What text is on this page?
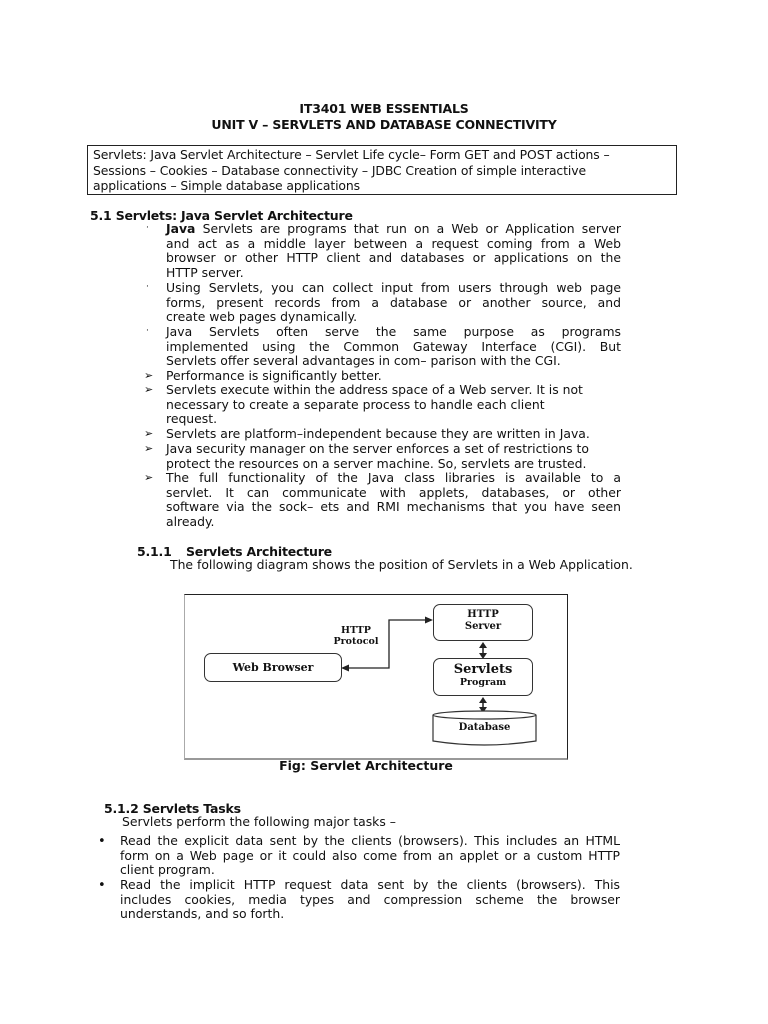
IT3401 WEB ESSENTIALS
UNIT V – SERVLETS AND DATABASE CONNECTIVITY
Servlets: Java Servlet Architecture – Servlet Life cycle– Form GET and POST actions –
Sessions – Cookies – Database connectivity – JDBC Creation of simple interactive
applications – Simple database applications
5.1 Servlets: Java Servlet Architecture
· Java Servlets are programs that run on a Web or Application server
and act as a middle layer between a request coming from a Web
browser or other HTTP client and databases or applications on the
HTTP server.
· Using Servlets, you can collect input from users through web page
forms, present records from a database or another source, and
create web pages dynamically.
· Java Servlets often serve the same purpose as programs
implemented using the Common Gateway Interface (CGI). But
Servlets offer several advantages in com– parison with the CGI.
➢ Performance is significantly better.
➢ Servlets execute within the address space of a Web server. It is not
necessary to create a separate process to handle each client
request.
➢ Servlets are platform–independent because they are written in Java.
➢ Java security manager on the server enforces a set of restrictions to
protect the resources on a server machine. So, servlets are trusted.
➢ The full functionality of the Java class libraries is available to a
servlet. It can communicate with applets, databases, or other
software via the sock– ets and RMI mechanisms that you have seen
already.
5.1.1 Servlets Architecture
The following diagram shows the position of Servlets in a Web Application.
Web Browser
HTTP
Protocol
HTTP
Server
Servlets
Program
Database
Fig: Servlet Architecture
5.1.2 Servlets Tasks
Servlets perform the following major tasks –
• Read the explicit data sent by the clients (browsers). This includes an HTML
form on a Web page or it could also come from an applet or a custom HTTP
client program.
• Read the implicit HTTP request data sent by the clients (browsers). This
includes cookies, media types and compression scheme the browser
understands, and so forth.
